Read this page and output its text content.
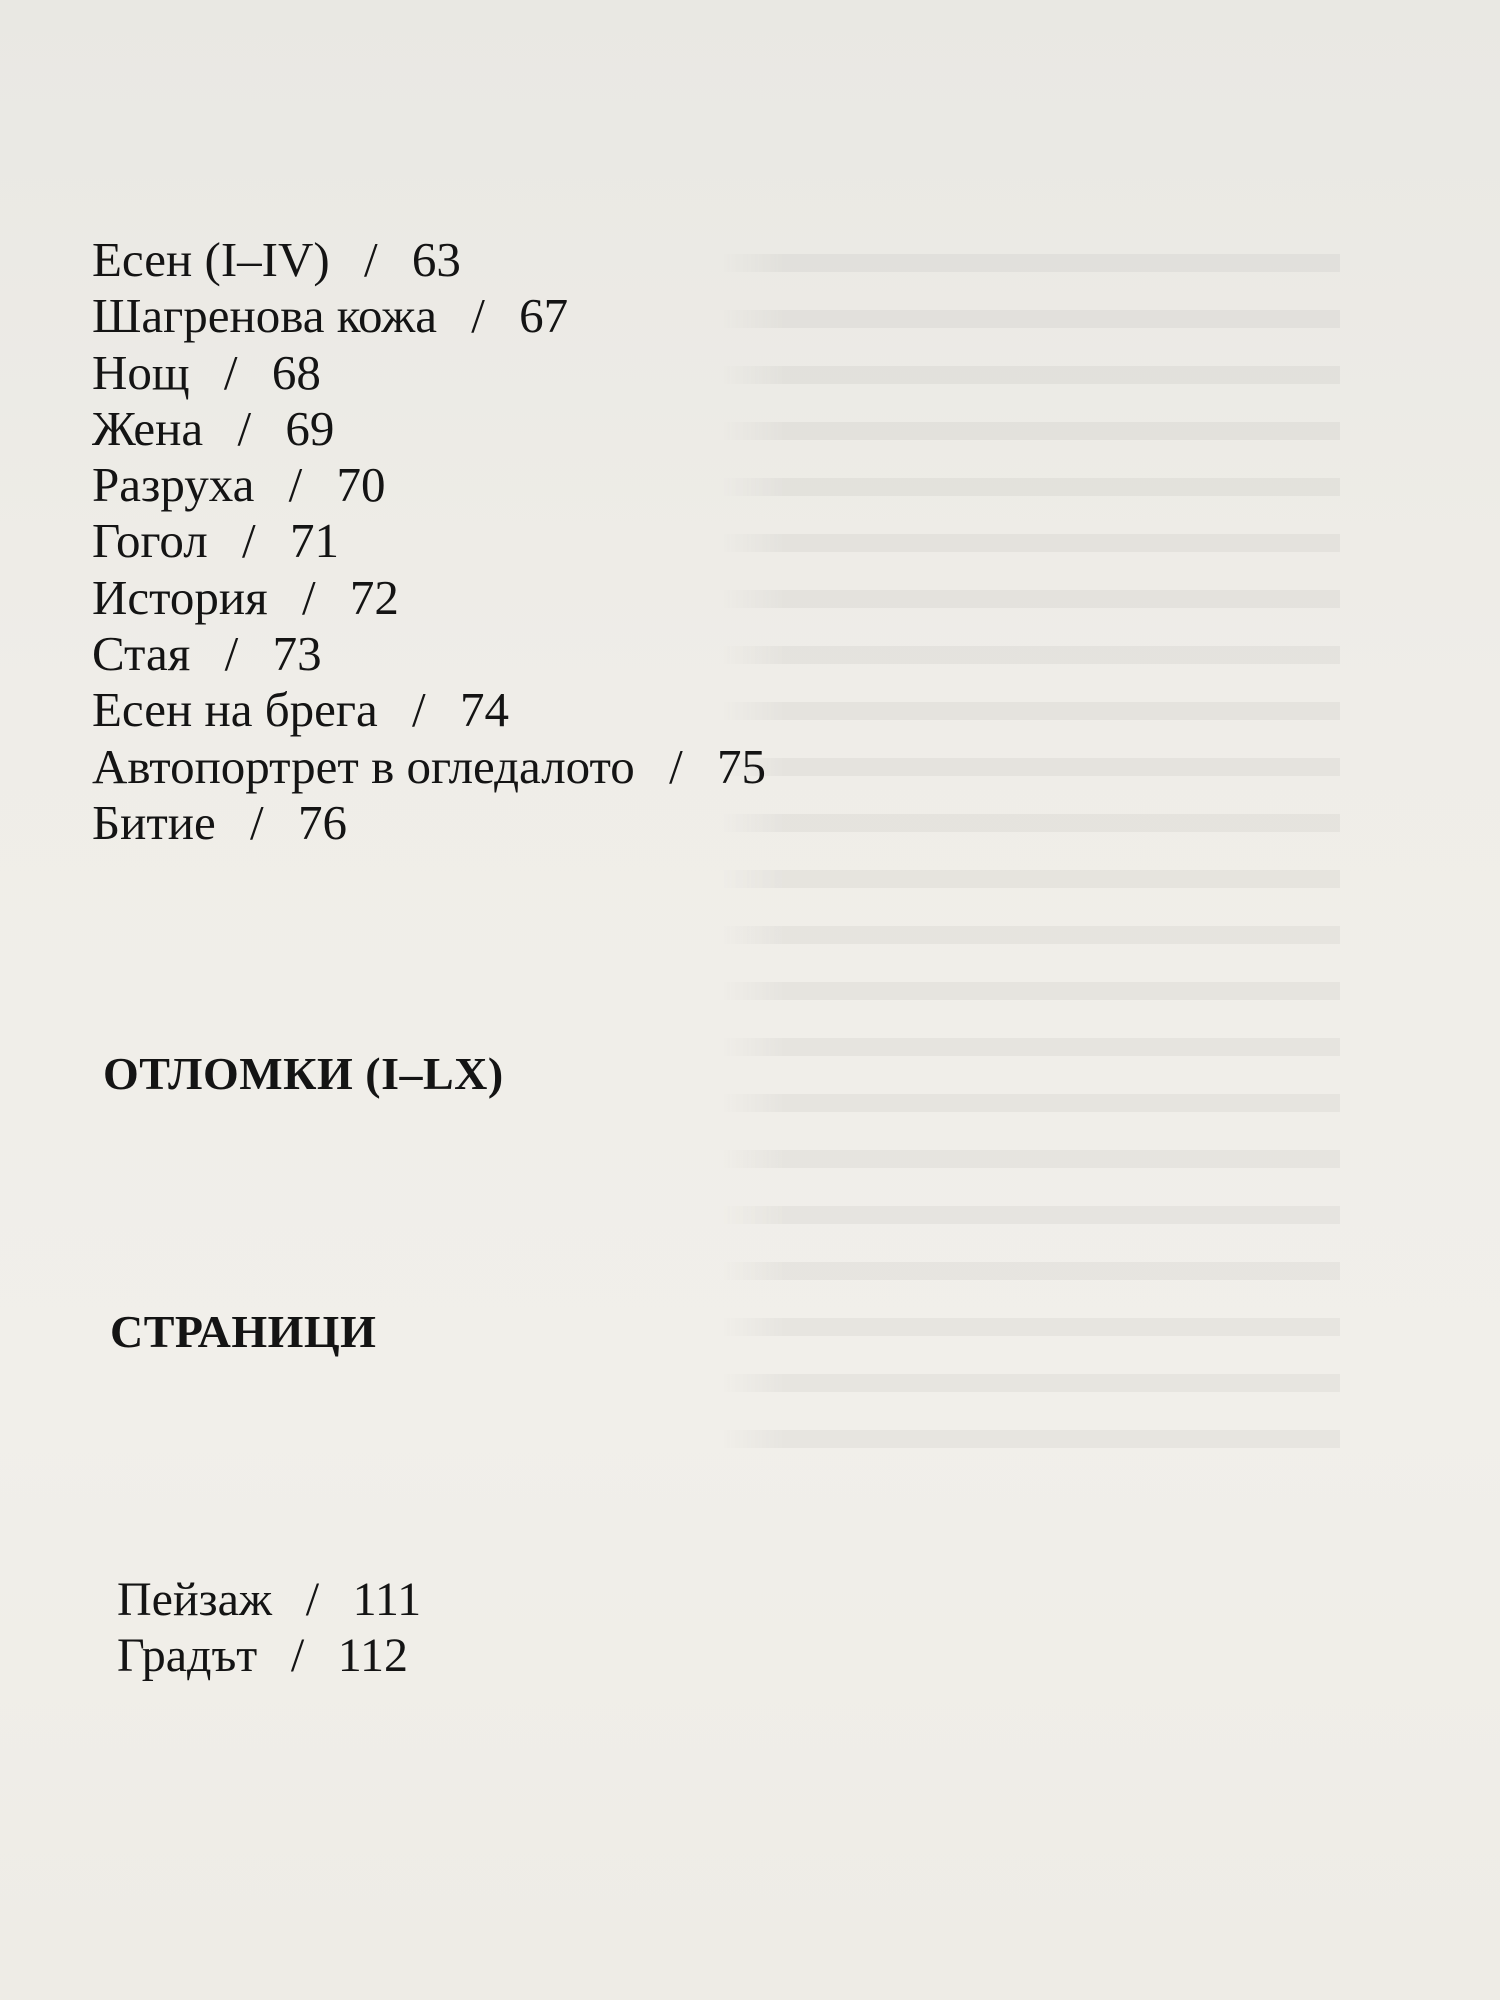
Есен (I–IV) / 63
Шагренова кожа / 67
Нощ / 68
Жена / 69
Разруха / 70
Гогол / 71
История / 72
Стая / 73
Есен на брега / 74
Автопортрет в огледалото / 75
Битие / 76
ОТЛОМКИ (I–LX)
СТРАНИЦИ
Пейзаж / 111
Градът / 112
